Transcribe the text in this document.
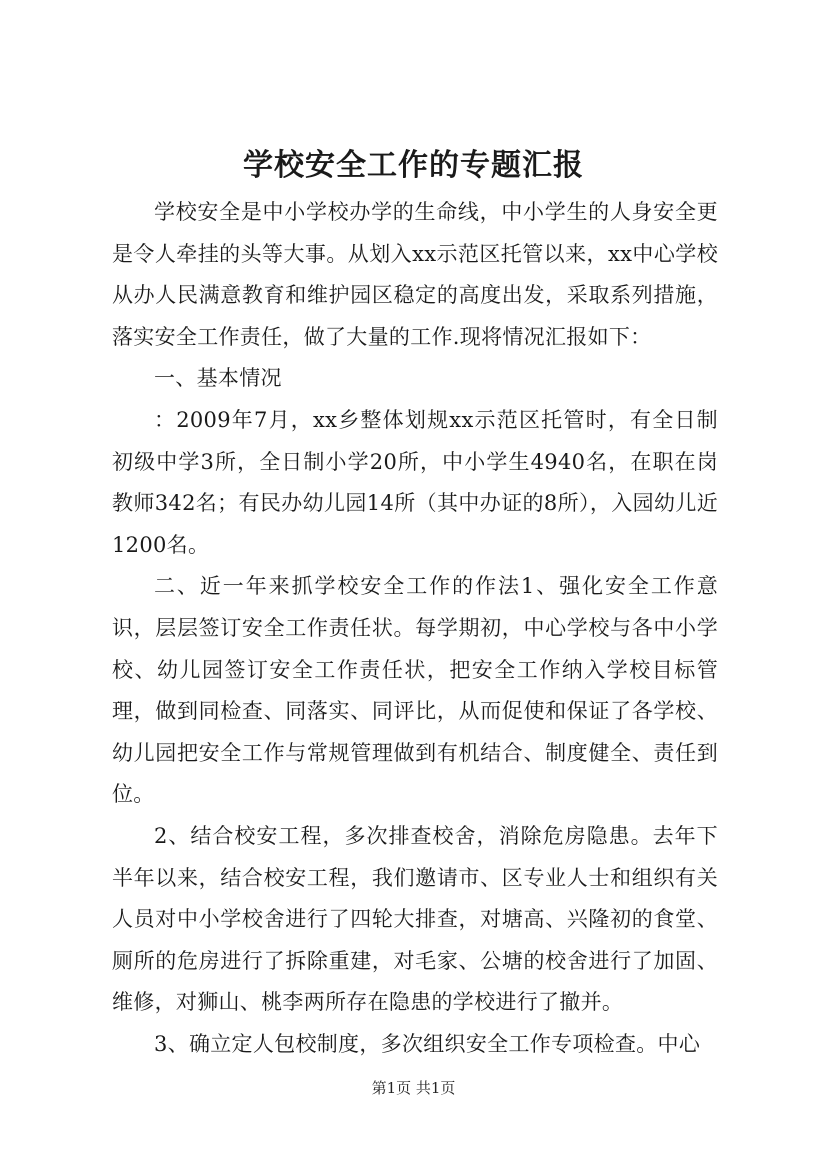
学校安全工作的专题汇报

学校安全是中小学校办学的生命线，中小学生的人身安全更是令人牵挂的头等大事。从划入xx示范区托管以来，xx中心学校从办人民满意教育和维护园区稳定的高度出发，采取系列措施，落实安全工作责任，做了大量的工作.现将情况汇报如下：

一、基本情况

：2009年7月，xx乡整体划规xx示范区托管时，有全日制初级中学3所，全日制小学20所，中小学生4940名，在职在岗教师342名；有民办幼儿园14所（其中办证的8所），入园幼儿近1200名。

二、近一年来抓学校安全工作的作法1、强化安全工作意识，层层签订安全工作责任状。每学期初，中心学校与各中小学校、幼儿园签订安全工作责任状，把安全工作纳入学校目标管理，做到同检查、同落实、同评比，从而促使和保证了各学校、幼儿园把安全工作与常规管理做到有机结合、制度健全、责任到位。

2、结合校安工程，多次排查校舍，消除危房隐患。去年下半年以来，结合校安工程，我们邀请市、区专业人士和组织有关人员对中小学校舍进行了四轮大排查，对塘高、兴隆初的食堂、厕所的危房进行了拆除重建，对毛家、公塘的校舍进行了加固、维修，对狮山、桃李两所存在隐患的学校进行了撤并。

3、确立定人包校制度，多次组织安全工作专项检查。中心

第1页 共1页
